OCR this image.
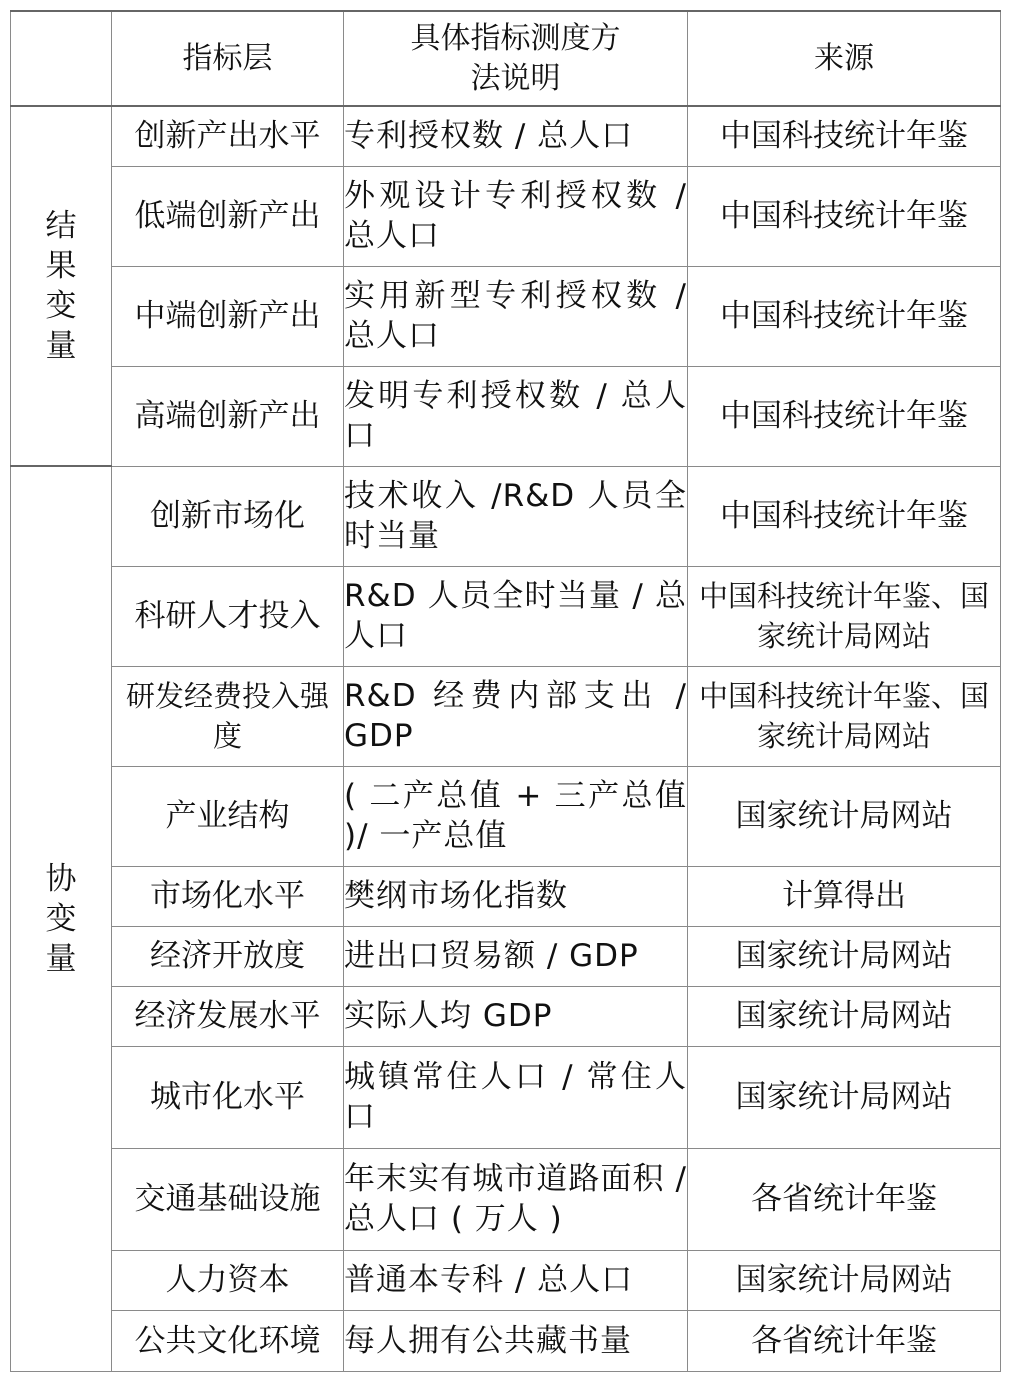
	指标层	具体指标测度方法说明	来源
结果变量	创新产出水平	专利授权数 / 总人口	中国科技统计年鉴
	低端创新产出	外观设计专利授权数 / 总人口	中国科技统计年鉴
	中端创新产出	实用新型专利授权数 / 总人口	中国科技统计年鉴
	高端创新产出	发明专利授权数 / 总人口	中国科技统计年鉴
协变量	创新市场化	技术收入 /R&D 人员全时当量	中国科技统计年鉴
	科研人才投入	R&D 人员全时当量 / 总人口	中国科技统计年鉴、国家统计局网站
	研发经费投入强度	R&D 经费内部支出 / GDP	中国科技统计年鉴、国家统计局网站
	产业结构	( 二产总值 + 三产总值 )/ 一产总值	国家统计局网站
	市场化水平	樊纲市场化指数	计算得出
	经济开放度	进出口贸易额 / GDP	国家统计局网站
	经济发展水平	实际人均 GDP	国家统计局网站
	城市化水平	城镇常住人口 / 常住人口	国家统计局网站
	交通基础设施	年末实有城市道路面积 / 总人口 ( 万人 )	各省统计年鉴
	人力资本	普通本专科 / 总人口	国家统计局网站
	公共文化环境	每人拥有公共藏书量	各省统计年鉴
